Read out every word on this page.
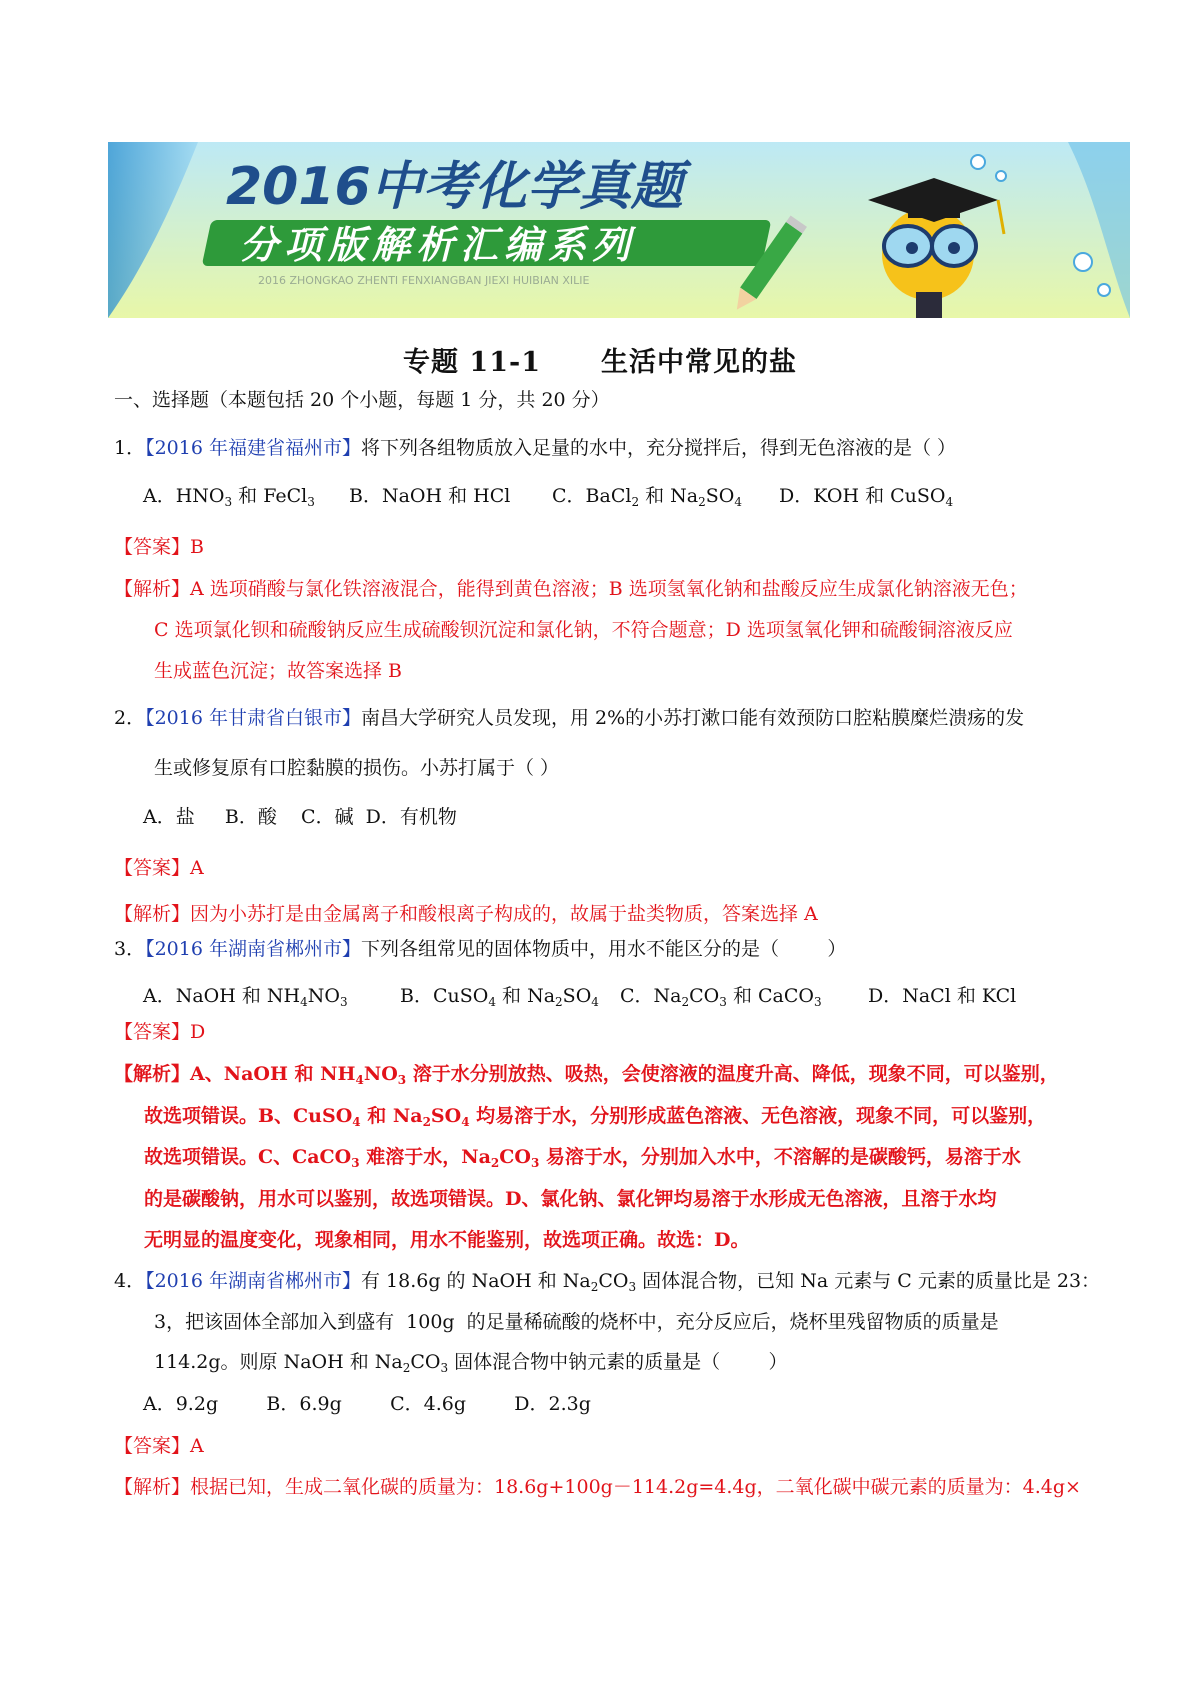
2016中考化学真题
分项版解析汇编系列
2016 ZHONGKAO ZHENTI FENXIANGBAN JIEXI HUIBIAN XILIE
专题 11-1 生活中常见的盐
一、选择题（本题包括 20 个小题，每题 1 分，共 20 分）
1．【2016 年福建省福州市】将下列各组物质放入足量的水中，充分搅拌后，得到无色溶液的是（ ）
A．$HNO_3$ 和 FeCl$_3$ B．NaOH 和 HCl C．BaCl$_2$ 和 $Na_2SO_4$ D．KOH 和 CuSO$_4$
【答案】B
【解析】A 选项硝酸与氯化铁溶液混合，能得到黄色溶液；B 选项氢氧化钠和盐酸反应生成氯化钠溶液无色；
C 选项氯化钡和硫酸钠反应生成硫酸钡沉淀和氯化钠，不符合题意；D 选项氢氧化钾和硫酸铜溶液反应
生成蓝色沉淀；故答案选择 B
2．【2016 年甘肃省白银市】南昌大学研究人员发现，用 2%的小苏打漱口能有效预防口腔粘膜糜烂溃疡的发
生或修复原有口腔黏膜的损伤。小苏打属于（ ）
A．盐     B．酸    C．碱  D．有机物
【答案】A
【解析】因为小苏打是由金属离子和酸根离子构成的，故属于盐类物质，答案选择 A
3．【2016 年湖南省郴州市】下列各组常见的固体物质中，用水不能区分的是（        ）
A．NaOH 和 $NH_4NO_3$	B．CuSO$_4$ 和 $Na_2SO_4$ C．$Na_2CO_3$ 和 CaCO$_3$ D．NaCl 和 KCl
【答案】D
【解析】A、NaOH 和 $NH_4NO_3$ 溶于水分别放热、吸热，会使溶液的温度升高、降低，现象不同，可以鉴别，
故选项错误。B、CuSO$_4$ 和 $Na_2SO_4$ 均易溶于水，分别形成蓝色溶液、无色溶液，现象不同，可以鉴别，
故选项错误。C、CaCO$_3$ 难溶于水，$Na_2CO_3$ 易溶于水，分别加入水中，不溶解的是碳酸钙，易溶于水
的是碳酸钠，用水可以鉴别，故选项错误。D、氯化钠、氯化钾均易溶于水形成无色溶液，且溶于水均
无明显的温度变化，现象相同，用水不能鉴别，故选项正确。故选：D。
4．【2016 年湖南省郴州市】有 18.6g 的 NaOH 和 $Na_2CO_3$ 固体混合物，已知 Na 元素与 C 元素的质量比是 23：
3，把该固体全部加入到盛有  100g  的足量稀硫酸的烧杯中，充分反应后，烧杯里残留物质的质量是
114.2g。则原 NaOH 和 $Na_2CO_3$ 固体混合物中钠元素的质量是（        ）
A．9.2g        B．6.9g        C．4.6g        D．2.3g
【答案】A
【解析】根据已知，生成二氧化碳的质量为：18.6g+100g－114.2g=4.4g，二氧化碳中碳元素的质量为：4.4g×
